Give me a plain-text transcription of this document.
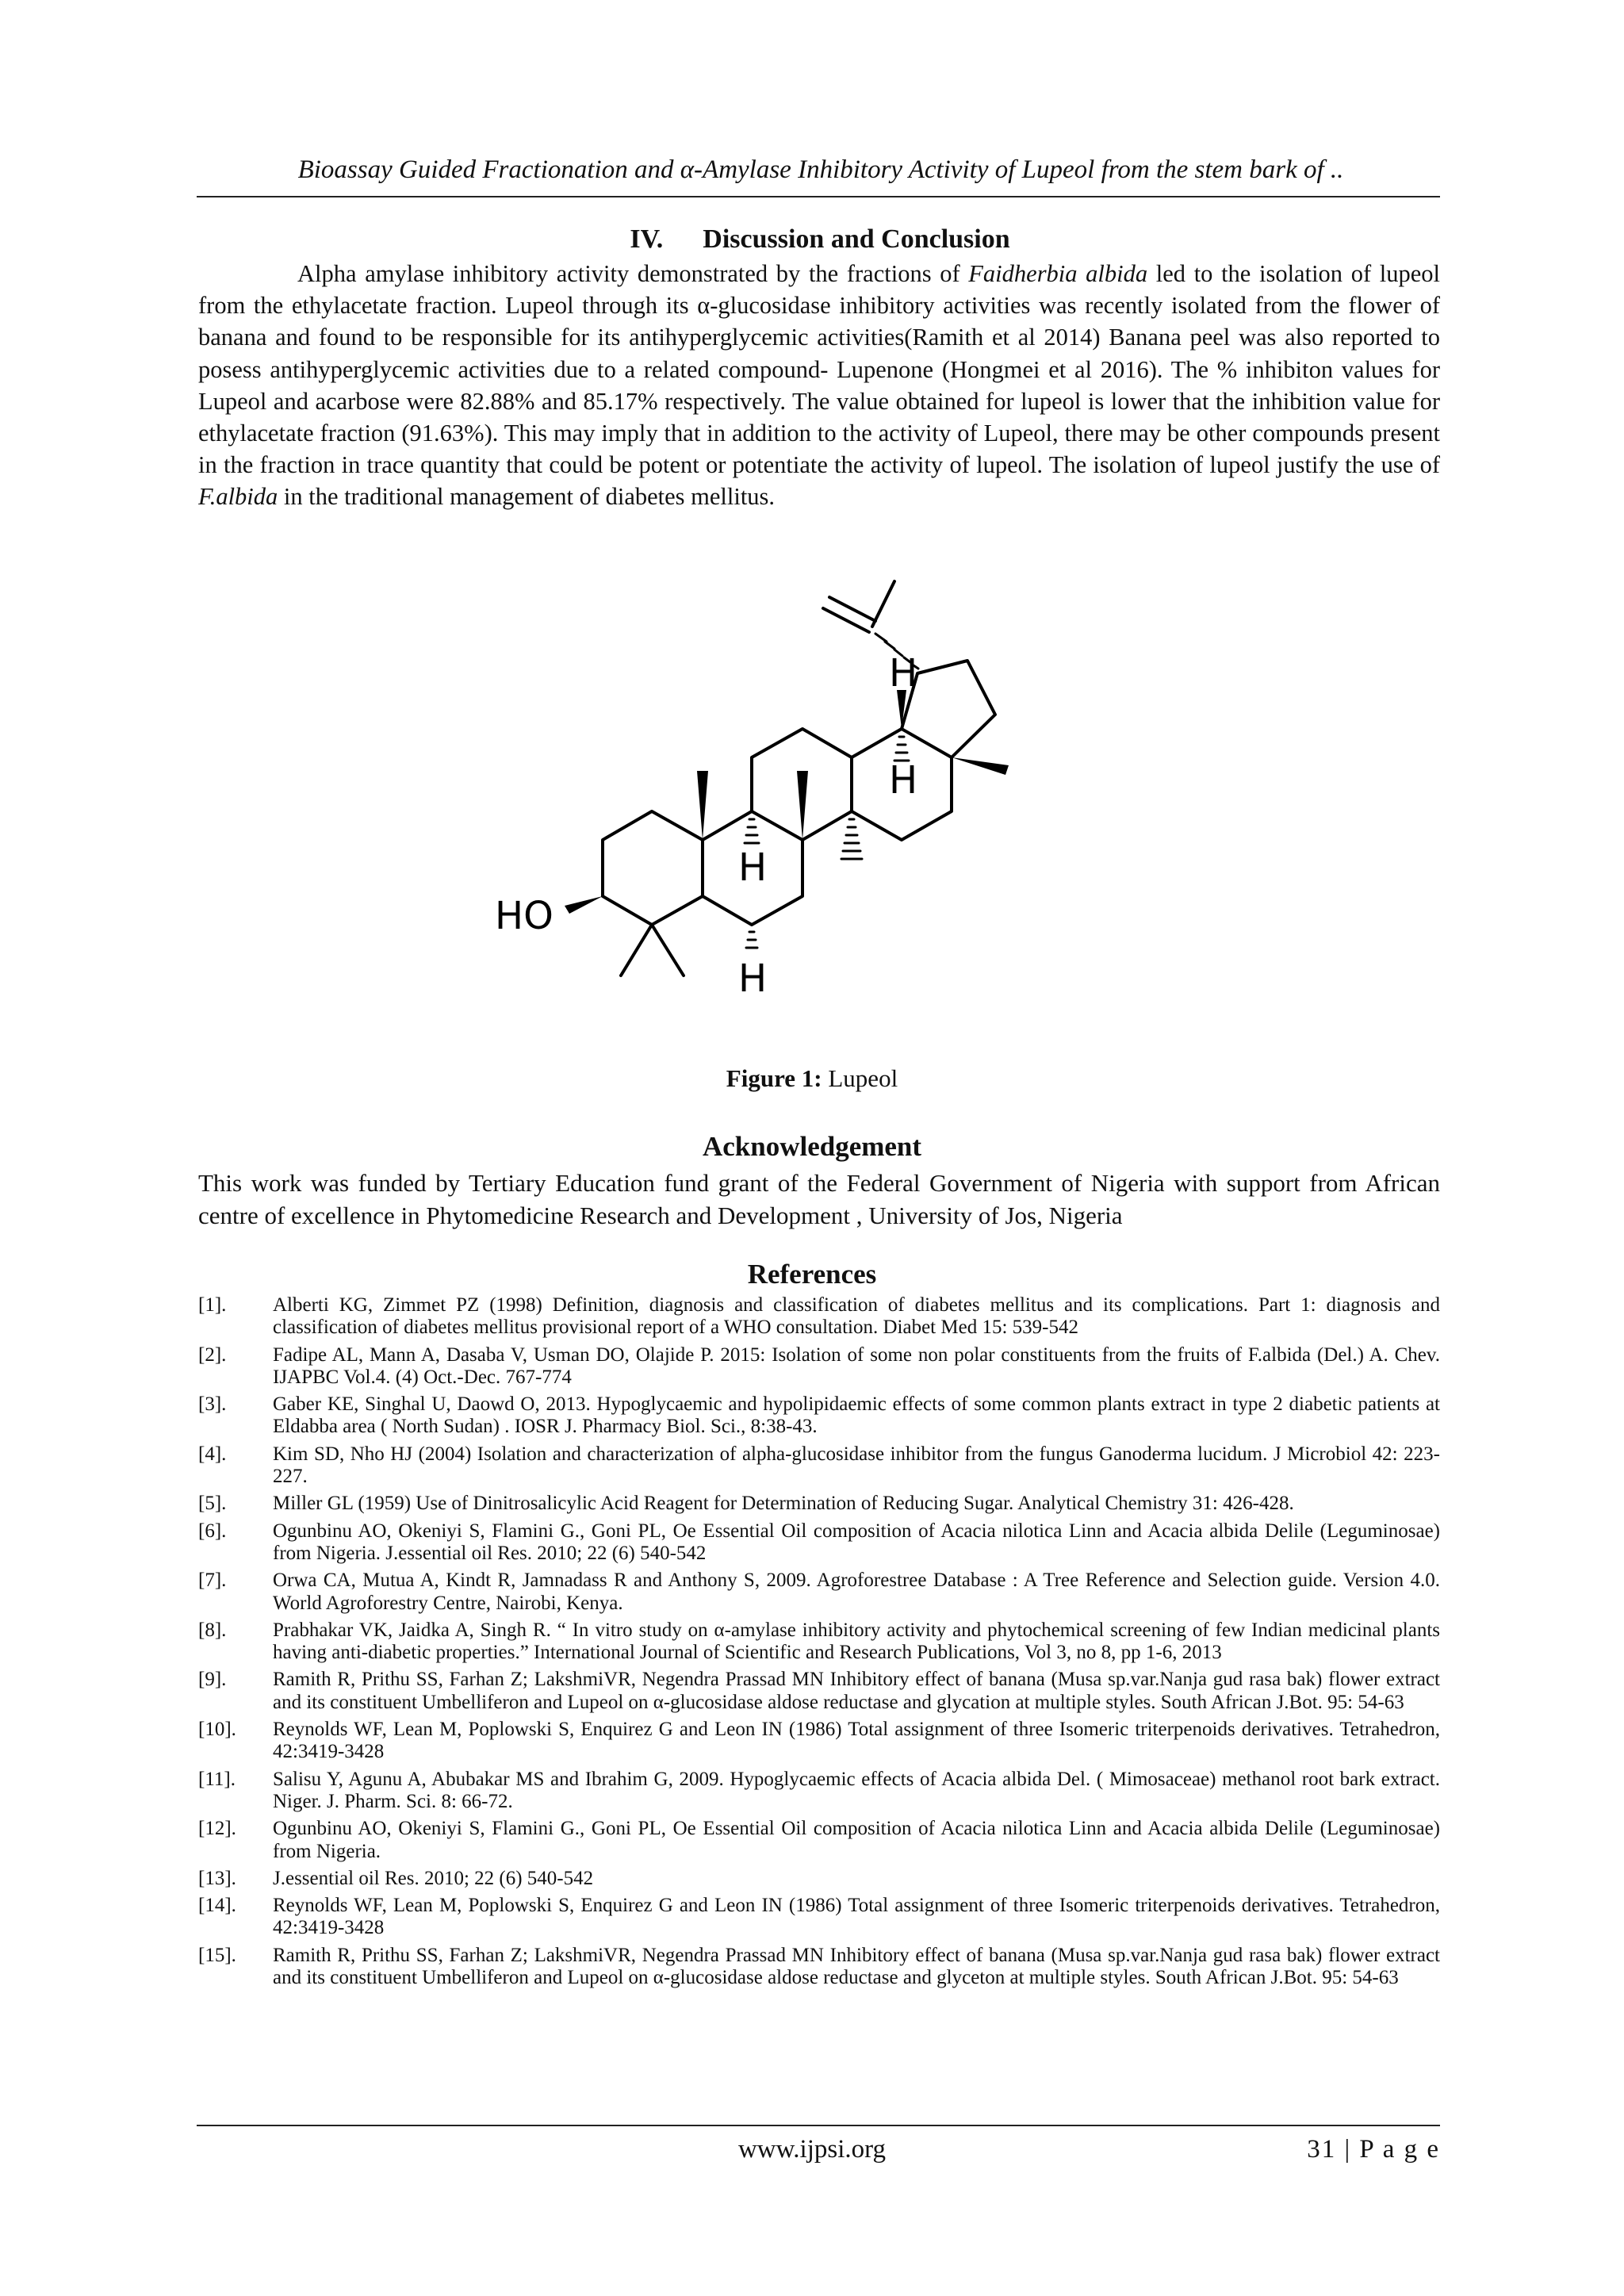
Bioassay Guided Fractionation and α-Amylase Inhibitory Activity of Lupeol from the stem bark of ..
IV. Discussion and Conclusion

Alpha amylase inhibitory activity demonstrated by the fractions of Faidherbia albida led to the isolation of lupeol from the ethylacetate fraction. Lupeol through its α-glucosidase inhibitory activities was recently isolated from the flower of banana and found to be responsible for its antihyperglycemic activities(Ramith et al 2014) Banana peel was also reported to posess antihyperglycemic activities due to a related compound- Lupenone (Hongmei et al 2016). The % inhibiton values for Lupeol and acarbose were 82.88% and 85.17% respectively. The value obtained for lupeol is lower that the inhibition value for ethylacetate fraction (91.63%). This may imply that in addition to the activity of Lupeol, there may be other compounds present in the fraction in trace quantity that could be potent or potentiate the activity of lupeol. The isolation of lupeol justify the use of F.albida in the traditional management of diabetes mellitus.

HO
H
H
H
H
Figure 1: Lupeol
Acknowledgement
This work was funded by Tertiary Education fund grant of the Federal Government of Nigeria with support from African centre of excellence in Phytomedicine Research and Development , University of Jos, Nigeria
References
[1].	Alberti KG, Zimmet PZ (1998) Definition, diagnosis and classification of diabetes mellitus and its complications. Part 1: diagnosis and classification of diabetes mellitus provisional report of a WHO consultation. Diabet Med 15: 539-542
[2].	Fadipe AL, Mann A, Dasaba V, Usman DO, Olajide P. 2015: Isolation of some non polar constituents from the fruits of F.albida (Del.) A. Chev. IJAPBC Vol.4. (4) Oct.-Dec. 767-774
[3].	Gaber KE, Singhal U, Daowd O, 2013. Hypoglycaemic and hypolipidaemic effects of some common plants extract in type 2 diabetic patients at Eldabba area ( North Sudan) . IOSR J. Pharmacy Biol. Sci., 8:38-43.
[4].	Kim SD, Nho HJ (2004) Isolation and characterization of alpha-glucosidase inhibitor from the fungus Ganoderma lucidum. J Microbiol 42: 223-227.
[5].	Miller GL (1959) Use of Dinitrosalicylic Acid Reagent for Determination of Reducing Sugar. Analytical Chemistry 31: 426-428.
[6].	Ogunbinu AO, Okeniyi S, Flamini G., Goni PL, Oe Essential Oil composition of Acacia nilotica Linn and Acacia albida Delile (Leguminosae) from Nigeria. J.essential oil Res. 2010; 22 (6) 540-542
[7].	Orwa CA, Mutua A, Kindt R, Jamnadass R and Anthony S, 2009. Agroforestree Database : A Tree Reference and Selection guide. Version 4.0. World Agroforestry Centre, Nairobi, Kenya.
[8].	Prabhakar VK, Jaidka A, Singh R. “ In vitro study on α-amylase inhibitory activity and phytochemical screening of few Indian medicinal plants having anti-diabetic properties.” International Journal of Scientific and Research Publications, Vol 3, no 8, pp 1-6, 2013
[9].	Ramith R, Prithu SS, Farhan Z; LakshmiVR, Negendra Prassad MN Inhibitory effect of banana (Musa sp.var.Nanja gud rasa bak) flower extract and its constituent Umbelliferon and Lupeol on α-glucosidase aldose reductase and glycation at multiple styles. South African J.Bot. 95: 54-63
[10].	Reynolds WF, Lean M, Poplowski S, Enquirez G and Leon IN (1986) Total assignment of three Isomeric triterpenoids derivatives. Tetrahedron, 42:3419-3428
[11].	Salisu Y, Agunu A, Abubakar MS and Ibrahim G, 2009. Hypoglycaemic effects of Acacia albida Del. ( Mimosaceae) methanol root bark extract. Niger. J. Pharm. Sci. 8: 66-72.
[12].	Ogunbinu AO, Okeniyi S, Flamini G., Goni PL, Oe Essential Oil composition of Acacia nilotica Linn and Acacia albida Delile (Leguminosae) from Nigeria.
[13].	J.essential oil Res. 2010; 22 (6) 540-542
[14].	Reynolds WF, Lean M, Poplowski S, Enquirez G and Leon IN (1986) Total assignment of three Isomeric triterpenoids derivatives. Tetrahedron, 42:3419-3428
[15].	Ramith R, Prithu SS, Farhan Z; LakshmiVR, Negendra Prassad MN Inhibitory effect of banana (Musa sp.var.Nanja gud rasa bak) flower extract and its constituent Umbelliferon and Lupeol on α-glucosidase aldose reductase and glyceton at multiple styles. South African J.Bot. 95: 54-63
www.ijpsi.org	31 | P a g e
